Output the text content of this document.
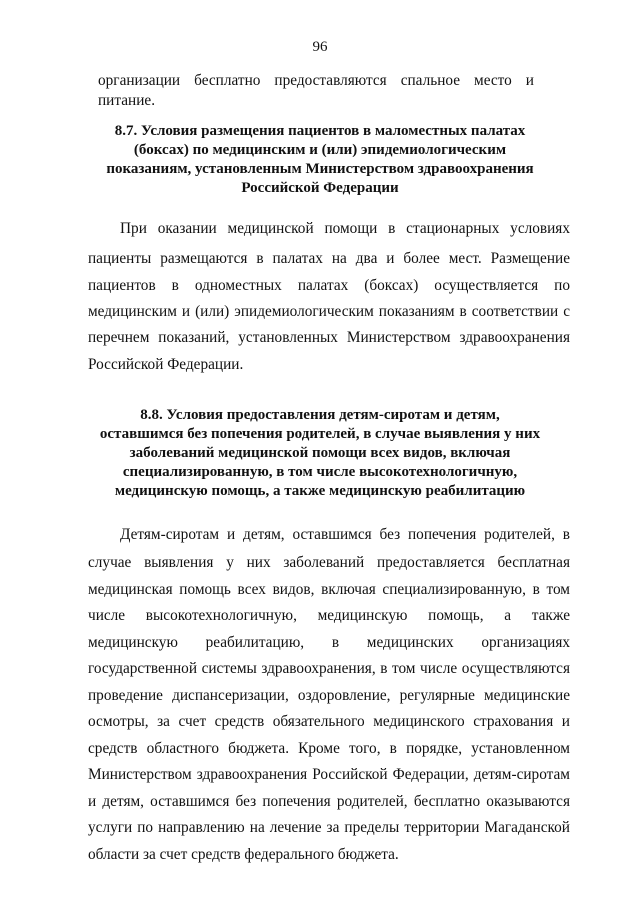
96
организации бесплатно предоставляются спальное место и питание.
8.7. Условия размещения пациентов в маломестных палатах
(боксах) по медицинским и (или) эпидемиологическим
показаниям, установленным Министерством здравоохранения
Российской Федерации
При оказании медицинской помощи в стационарных условиях
пациенты размещаются в палатах на два и более мест. Размещение
пациентов в одноместных палатах (боксах) осуществляется по
медицинским и (или) эпидемиологическим показаниям в соответствии с
перечнем показаний, установленных Министерством здравоохранения
Российской Федерации.
8.8. Условия предоставления детям-сиротам и детям,
оставшимся без попечения родителей, в случае выявления у них
заболеваний медицинской помощи всех видов, включая
специализированную, в том числе высокотехнологичную,
медицинскую помощь, а также медицинскую реабилитацию
Детям-сиротам и детям, оставшимся без попечения родителей, в
случае выявления у них заболеваний предоставляется бесплатная
медицинская помощь всех видов, включая специализированную, в том
числе высокотехнологичную, медицинскую помощь, а также
медицинскую реабилитацию, в медицинских организациях
государственной системы здравоохранения, в том числе осуществляются
проведение диспансеризации, оздоровление, регулярные медицинские
осмотры, за счет средств обязательного медицинского страхования и
средств областного бюджета. Кроме того, в порядке, установленном
Министерством здравоохранения Российской Федерации, детям-сиротам
и детям, оставшимся без попечения родителей, бесплатно оказываются
услуги по направлению на лечение за пределы территории Магаданской
области за счет средств федерального бюджета.
